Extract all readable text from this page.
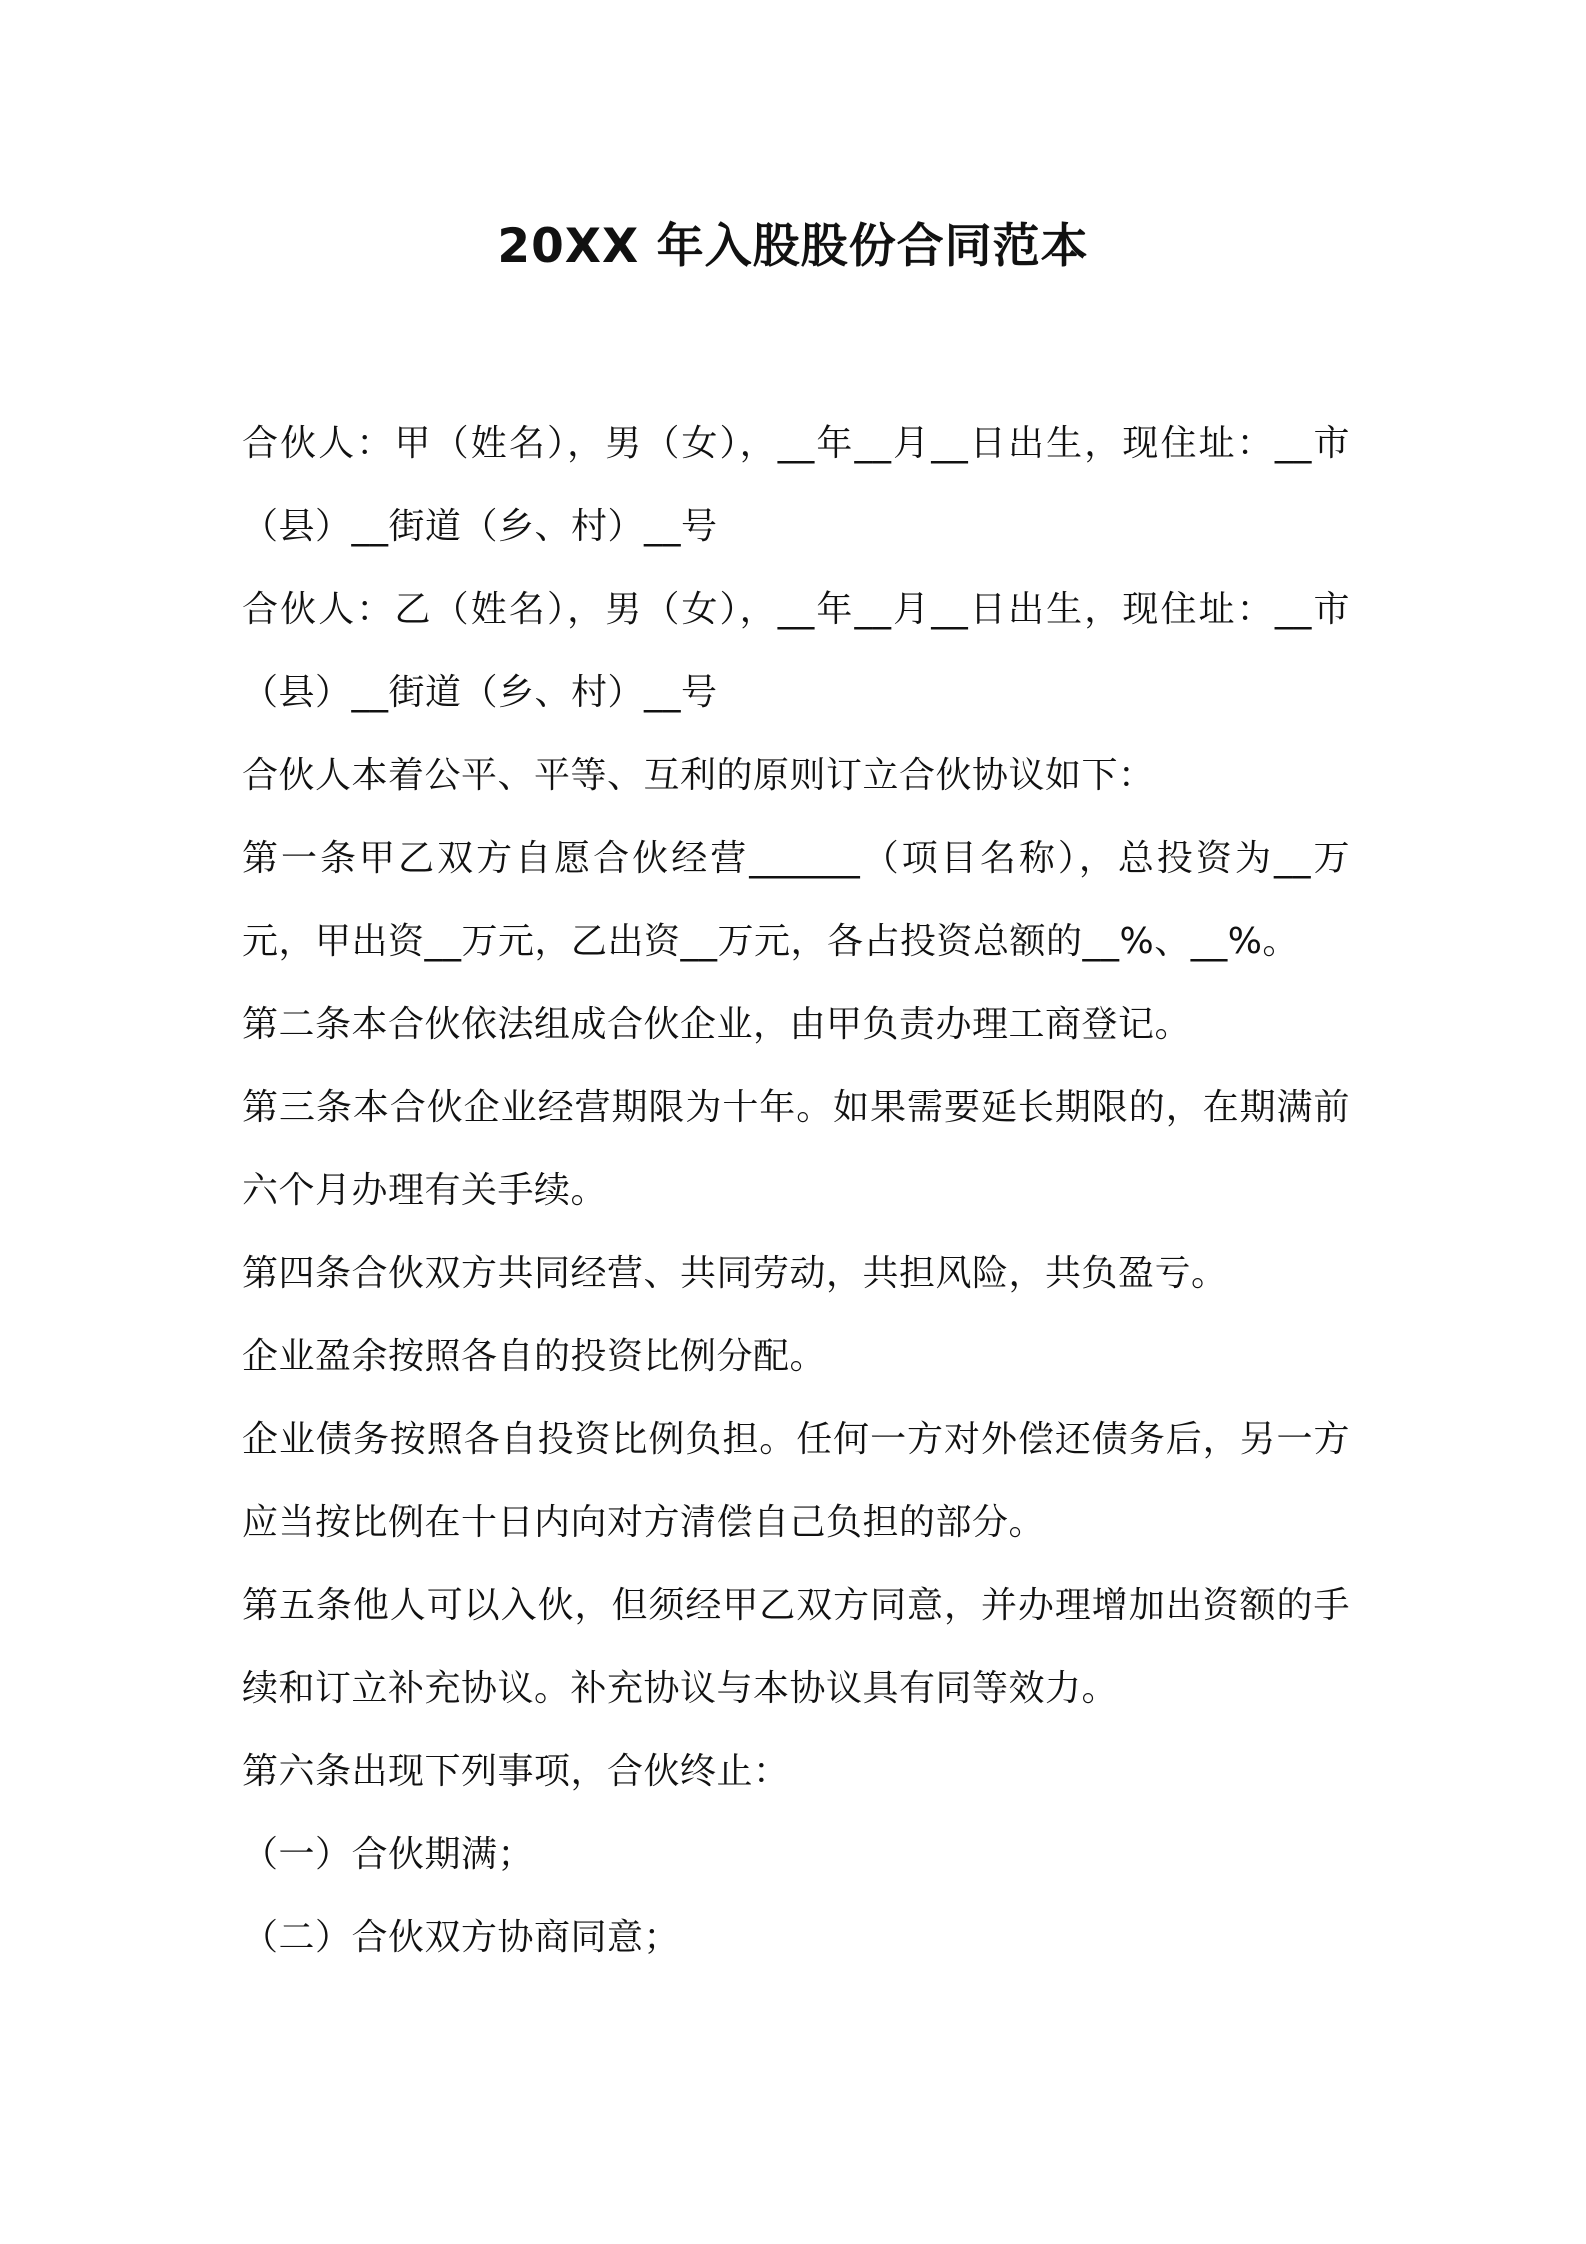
20XX 年入股股份合同范本

合伙人：甲（姓名），男（女），__年__月__日出生，现住址：__市（县）__街道（乡、村）__号

合伙人：乙（姓名），男（女），__年__月__日出生，现住址：__市（县）__街道（乡、村）__号

合伙人本着公平、平等、互利的原则订立合伙协议如下：

第一条甲乙双方自愿合伙经营______（项目名称），总投资为__万元，甲出资__万元，乙出资__万元，各占投资总额的__%、__%。

第二条本合伙依法组成合伙企业，由甲负责办理工商登记。

第三条本合伙企业经营期限为十年。如果需要延长期限的，在期满前六个月办理有关手续。

第四条合伙双方共同经营、共同劳动，共担风险，共负盈亏。

企业盈余按照各自的投资比例分配。

企业债务按照各自投资比例负担。任何一方对外偿还债务后，另一方应当按比例在十日内向对方清偿自己负担的部分。

第五条他人可以入伙，但须经甲乙双方同意，并办理增加出资额的手续和订立补充协议。补充协议与本协议具有同等效力。

第六条出现下列事项，合伙终止：

（一）合伙期满；

（二）合伙双方协商同意；
